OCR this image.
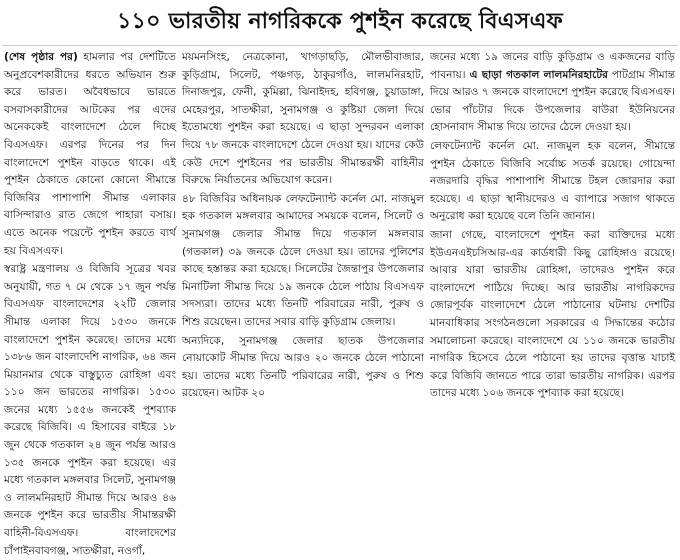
১১০ ভারতীয় নাগরিককে পুশইন করেছে বিএসএফ

(শেষ পৃষ্ঠার পর) হামলার পর দেশটিতে অনুপ্রবেশকারীদের ধরতে অভিযান শুরু করে ভারত। অবৈধভাবে ভারতে বসবাসকারীদের আটকের পর এদের অনেককেই বাংলাদেশে ঠেলে দিচ্ছে বিএসএফ। এরপর দিনের পর দিন বাংলাদেশে পুশইন বাড়তে থাকে। এই পুশইন ঠেকাতে কোনো কোনো সীমান্তে বিজিবির পাশাপাশি সীমান্ত এলাকার বাসিন্দারাও রাত জেগে পাহারা বসায়। এতে অনেক পয়েন্টে পুশইন করতে ব্যর্থ হয় বিএসএফ।

স্বরাষ্ট্র মন্ত্রণালয় ও বিজিবি সূত্রের খবর অনুযায়ী, গত ৭ মে থেকে ১৭ জুন পর্যন্ত বিএসএফ বাংলাদেশের ২২টি জেলার সীমান্ত এলাকা দিয়ে ১৫৩০ জনকে বাংলাদেশে পুশইন করেছে। তাদের মধ্যে ১৩৮৬ জন বাংলাদেশি নাগরিক, ৬৪ জন মিয়ানমার থেকে বাস্তুচ্যুত রোহিঙ্গা এবং ১১০ জন ভারতের নাগরিক। ১৫৩০ জনের মধ্যে ১৫৫৬ জনকেই পুশব্যাক করেছে বিজিবি। এ হিসাবের বাইরে ১৮ জুন থেকে গতকাল ২৪ জুন পর্যন্ত আরও ১৩৫ জনকে পুশইন করা হয়েছে। এর মধ্যে গতকাল মঙ্গলবার সিলেট, সুনামগঞ্জ ও লালমনিরহাট সীমান্ত দিয়ে আরও ৪৬ জনকে পুশইন করে ভারতীয় সীমান্তরক্ষী বাহিনী-বিএসএফ। বাংলাদেশের চাঁপাইনবাবগঞ্জ, সাতক্ষীরা, নওগাঁ,

ময়মনসিংহ, নেত্রকোনা, খাগড়াছড়ি, মৌলভীবাজার, কুড়িগ্রাম, সিলেট, পঞ্চগড়, ঠাকুরগাঁও, লালমনিরহাট, দিনাজপুর, ফেনী, কুমিল্লা, ঝিনাইদহ, হবিগঞ্জ, চুয়াডাঙ্গা, মেহেরপুর, সাতক্ষীরা, সুনামগঞ্জ ও কুষ্টিয়া জেলা দিয়ে ইতোমধ্যে পুশইন করা হয়েছে। এ ছাড়া সুন্দরবন এলাকা দিয়ে ৭৮ জনকে বাংলাদেশে ঠেলে দেওয়া হয়। যাদের কেউ কেউ দেশে পুশইনের পর ভারতীয় সীমান্তরক্ষী বাহিনীর বিরুদ্ধে নির্যাতনের অভিযোগ করেন।

৪৮ বিজিবির অধিনায়ক লেফটেন্যান্ট কর্নেল মো. নাজমুল হক গতকাল মঙ্গলবার আমাদের সময়কে বলেন, সিলেট ও সুনামগঞ্জ জেলার সীমান্ত দিয়ে গতকাল মঙ্গলবার (গতকাল) ৩৯ জনকে ঠেলে দেওয়া হয়। তাদের পুলিশের কাছে হস্তান্তর করা হয়েছে। সিলেটের জৈন্তাপুর উপজেলার মিনাটিলা সীমান্ত দিয়ে ১৯ জনকে ঠেলে পাঠায় বিএসএফ সদস্যরা। তাদের মধ্যে তিনটি পরিবারের নারী, পুরুষ ও শিশু রয়েছেন। তাদের সবার বাড়ি কুড়িগ্রাম জেলায়।

অন্যদিকে, সুনামগঞ্জ জেলার ছাতক উপজেলার নোয়াকোট সীমান্ত দিয়ে আরও ২০ জনকে ঠেলে পাঠানো হয়। তাদের মধ্যে তিনটি পরিবারের নারী, পুরুষ ও শিশু রয়েছেন। আটক ২০

জনের মধ্যে ১৯ জনের বাড়ি কুড়িগ্রাম ও একজনের বাড়ি পাবনায়। এ ছাড়া গতকাল লালমনিরহাটের পাটগ্রাম সীমান্ত দিয়ে আরও ৭ জনকে বাংলাদেশে পুশইন করেছে বিএসএফ। ভোর পাঁচটার দিকে উপজেলার বাউরা ইউনিয়নের হোসনাবাদ সীমান্ত দিয়ে তাদের ঠেলে দেওয়া হয়।

লেফটেন্যান্ট কর্নেল মো. নাজমুল হক বলেন, সীমান্তে পুশইন ঠেকাতে বিজিবি সর্বোচ্চ সতর্ক রয়েছে। গোয়েন্দা নজরদারি বৃদ্ধির পাশাপাশি সীমান্তে টহল জোরদার করা হয়েছে। এ ছাড়া স্থানীয়দেরও এ ব্যাপারে সজাগ থাকতে অনুরোধ করা হয়েছে বলে তিনি জানান।

জানা গেছে, বাংলাদেশে পুশইন করা ব্যক্তিদের মধ্যে ইউএনএইচসিআর-এর কার্ডধারী কিছু রোহিঙ্গাও রয়েছে। আবার যারা ভারতীয় রোহিঙ্গা, তাদেরও পুশইন করে বাংলাদেশে পাঠিয়ে দিচ্ছে। আর ভারতীয় নাগরিকদের জোরপূর্বক বাংলাদেশে ঠেলে পাঠানোর ঘটনায় দেশটির মানবাধিকার সংগঠনগুলো সরকারের এ সিদ্ধান্তের কঠোর সমালোচনা করেছে। বাংলাদেশে যে ১১০ জনকে ভারতীয় নাগরিক হিসেবে ঠেলে পাঠানো হয় তাদের বৃত্তান্ত যাচাই করে বিজিবি জানতে পারে তারা ভারতীয় নাগরিক। এরপর তাদের মধ্যে ১০৬ জনকে পুশব্যাক করা হয়েছে।
